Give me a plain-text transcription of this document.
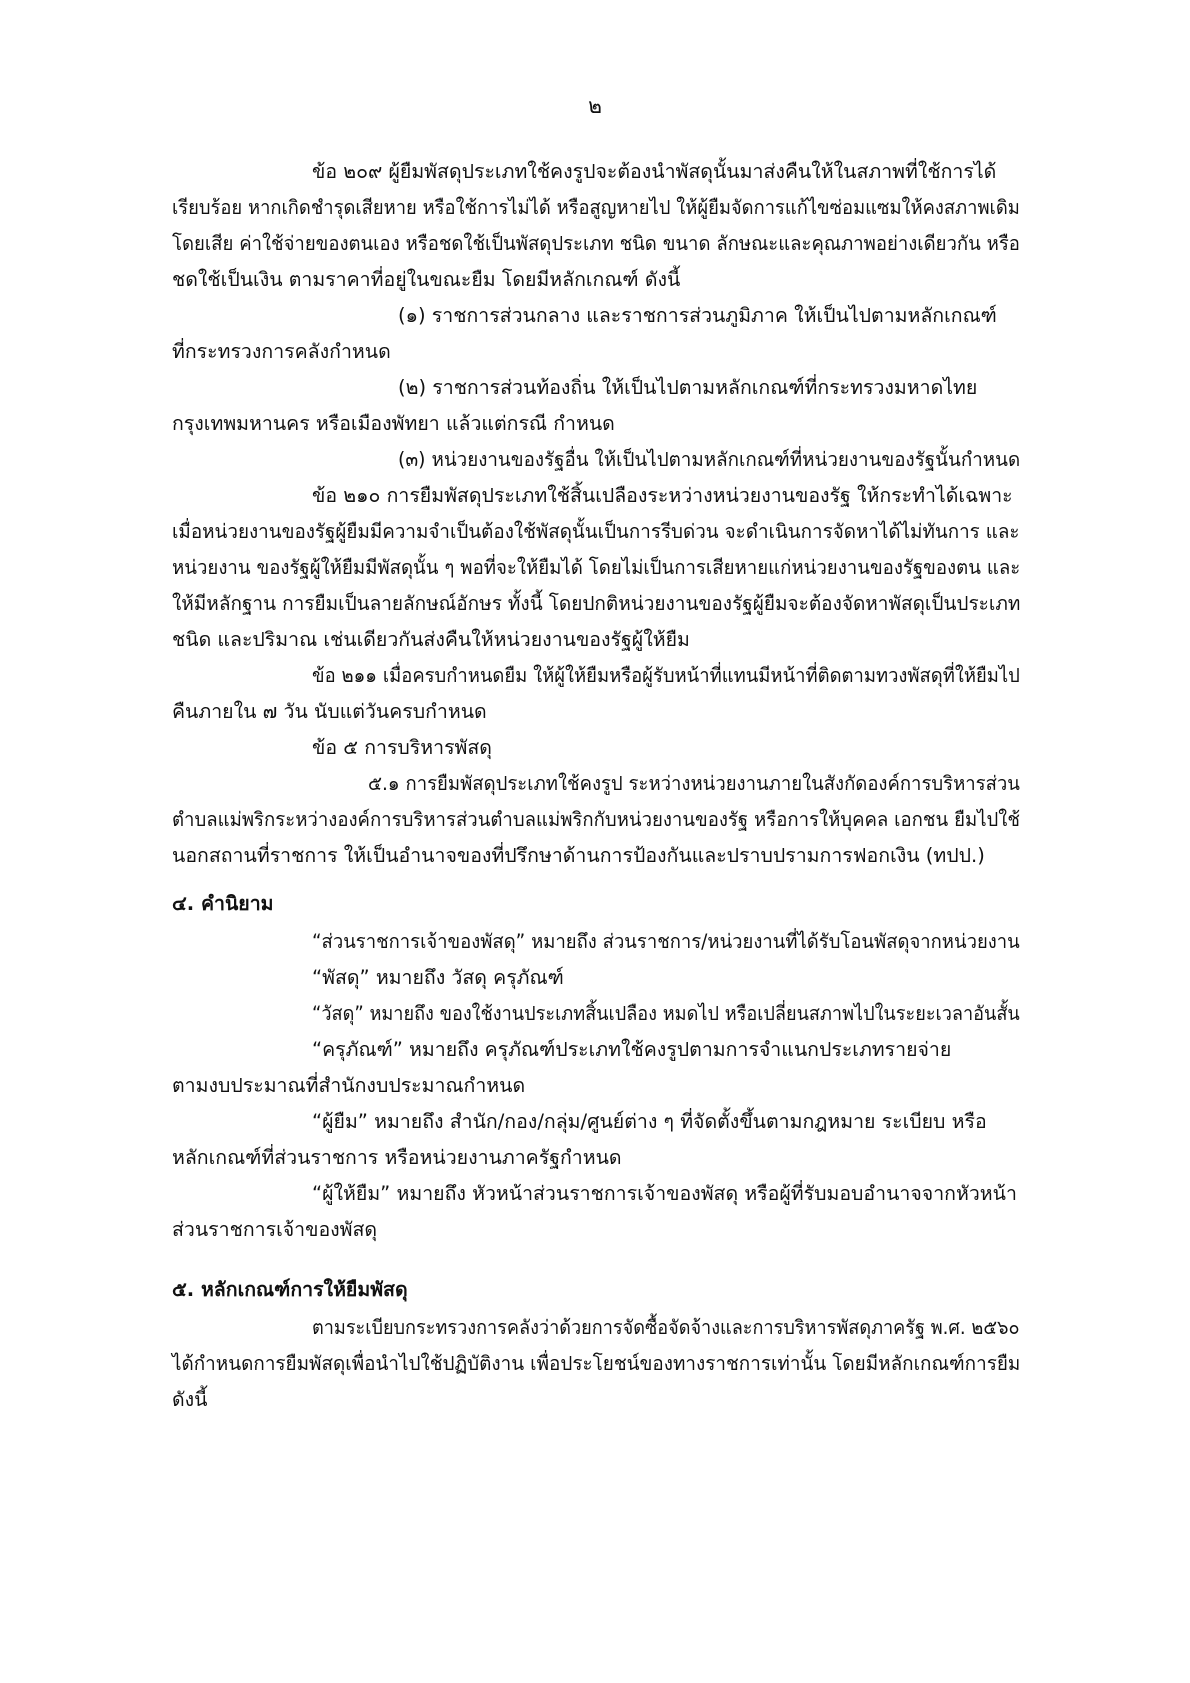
๒
ข้อ ๒๐๙ ผู้ยืมพัสดุประเภทใช้คงรูปจะต้องนำพัสดุนั้นมาส่งคืนให้ในสภาพที่ใช้การได้
เรียบร้อย หากเกิดชำรุดเสียหาย หรือใช้การไม่ได้ หรือสูญหายไป ให้ผู้ยืมจัดการแก้ไขซ่อมแซมให้คงสภาพเดิม
โดยเสีย ค่าใช้จ่ายของตนเอง หรือชดใช้เป็นพัสดุประเภท ชนิด ขนาด ลักษณะและคุณภาพอย่างเดียวกัน หรือ
ชดใช้เป็นเงิน ตามราคาที่อยู่ในขณะยืม โดยมีหลักเกณฑ์ ดังนี้
(๑) ราชการส่วนกลาง และราชการส่วนภูมิภาค ให้เป็นไปตามหลักเกณฑ์
ที่กระทรวงการคลังกำหนด
(๒) ราชการส่วนท้องถิ่น ให้เป็นไปตามหลักเกณฑ์ที่กระทรวงมหาดไทย
กรุงเทพมหานคร หรือเมืองพัทยา แล้วแต่กรณี กำหนด
(๓) หน่วยงานของรัฐอื่น ให้เป็นไปตามหลักเกณฑ์ที่หน่วยงานของรัฐนั้นกำหนด
ข้อ ๒๑๐ การยืมพัสดุประเภทใช้สิ้นเปลืองระหว่างหน่วยงานของรัฐ ให้กระทำได้เฉพาะ
เมื่อหน่วยงานของรัฐผู้ยืมมีความจำเป็นต้องใช้พัสดุนั้นเป็นการรีบด่วน จะดำเนินการจัดหาได้ไม่ทันการ และ
หน่วยงาน ของรัฐผู้ให้ยืมมีพัสดุนั้น ๆ พอที่จะให้ยืมได้ โดยไม่เป็นการเสียหายแก่หน่วยงานของรัฐของตน และ
ให้มีหลักฐาน การยืมเป็นลายลักษณ์อักษร ทั้งนี้ โดยปกติหน่วยงานของรัฐผู้ยืมจะต้องจัดหาพัสดุเป็นประเภท
ชนิด และปริมาณ เช่นเดียวกันส่งคืนให้หน่วยงานของรัฐผู้ให้ยืม
ข้อ ๒๑๑ เมื่อครบกำหนดยืม ให้ผู้ให้ยืมหรือผู้รับหน้าที่แทนมีหน้าที่ติดตามทวงพัสดุที่ให้ยืมไป
คืนภายใน ๗ วัน นับแต่วันครบกำหนด
ข้อ ๕ การบริหารพัสดุ
๕.๑ การยืมพัสดุประเภทใช้คงรูป ระหว่างหน่วยงานภายในสังกัดองค์การบริหารส่วน
ตำบลแม่พริกระหว่างองค์การบริหารส่วนตำบลแม่พริกกับหน่วยงานของรัฐ หรือการให้บุคคล เอกชน ยืมไปใช้
นอกสถานที่ราชการ ให้เป็นอำนาจของที่ปรึกษาด้านการป้องกันและปราบปรามการฟอกเงิน (ทปป.)
๔. คำนิยาม
“ส่วนราชการเจ้าของพัสดุ” หมายถึง ส่วนราชการ/หน่วยงานที่ได้รับโอนพัสดุจากหน่วยงาน
“พัสดุ” หมายถึง วัสดุ ครุภัณฑ์
“วัสดุ” หมายถึง ของใช้งานประเภทสิ้นเปลือง หมดไป หรือเปลี่ยนสภาพไปในระยะเวลาอันสั้น
“ครุภัณฑ์” หมายถึง ครุภัณฑ์ประเภทใช้คงรูปตามการจำแนกประเภทรายจ่าย
ตามงบประมาณที่สำนักงบประมาณกำหนด
“ผู้ยืม” หมายถึง สำนัก/กอง/กลุ่ม/ศูนย์ต่าง ๆ ที่จัดตั้งขึ้นตามกฎหมาย ระเบียบ หรือ
หลักเกณฑ์ที่ส่วนราชการ หรือหน่วยงานภาครัฐกำหนด
“ผู้ให้ยืม” หมายถึง หัวหน้าส่วนราชการเจ้าของพัสดุ หรือผู้ที่รับมอบอำนาจจากหัวหน้า
ส่วนราชการเจ้าของพัสดุ
๕. หลักเกณฑ์การให้ยืมพัสดุ
ตามระเบียบกระทรวงการคลังว่าด้วยการจัดซื้อจัดจ้างและการบริหารพัสดุภาครัฐ พ.ศ. ๒๕๖๐
ได้กำหนดการยืมพัสดุเพื่อนำไปใช้ปฏิบัติงาน เพื่อประโยชน์ของทางราชการเท่านั้น โดยมีหลักเกณฑ์การยืม
ดังนี้
